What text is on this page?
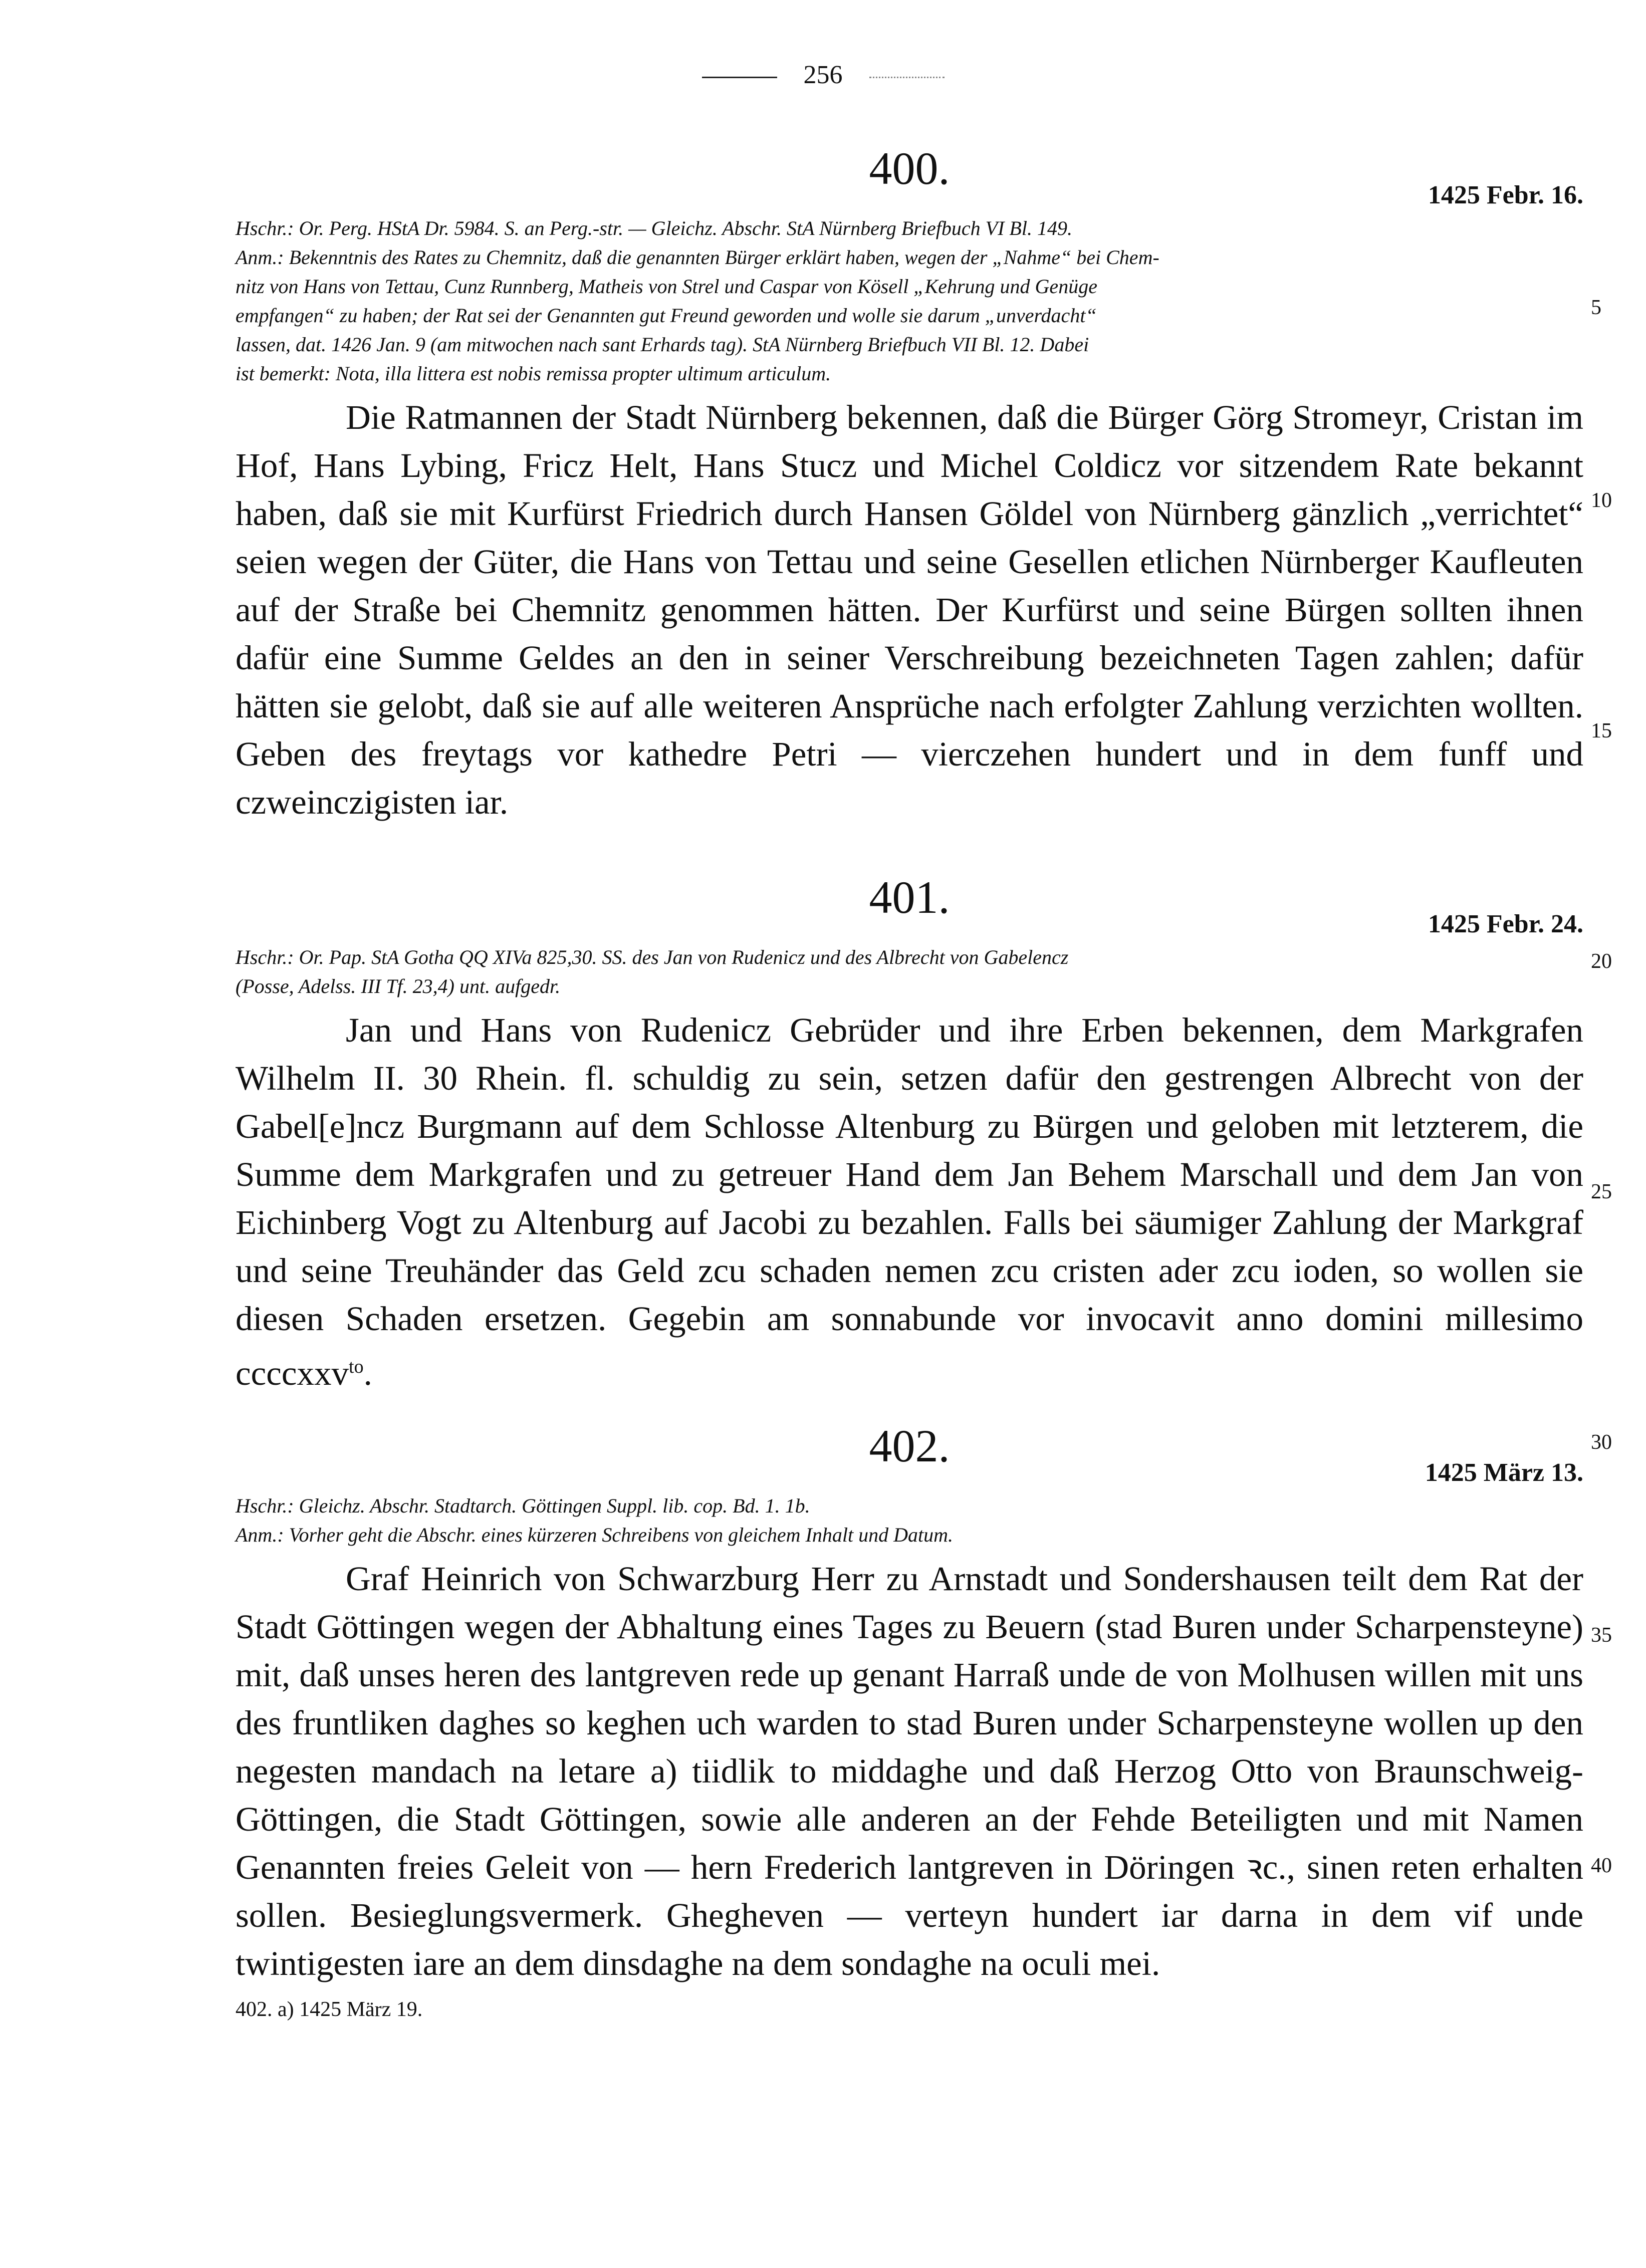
256
400.
1425 Febr. 16.
Hschr.: Or. Perg. HStA Dr. 5984. S. an Perg.-str. — Gleichz. Abschr. StA Nürnberg Briefbuch VI Bl. 149.
Anm.: Bekenntnis des Rates zu Chemnitz, daß die genannten Bürger erklärt haben, wegen der „Nahme“ bei Chem-
nitz von Hans von Tettau, Cunz Runnberg, Matheis von Strel und Caspar von Kösell „Kehrung und Genüge
empfangen“ zu haben; der Rat sei der Genannten gut Freund geworden und wolle sie darum „unverdacht“
lassen, dat. 1426 Jan. 9 (am mitwochen nach sant Erhards tag). StA Nürnberg Briefbuch VII Bl. 12. Dabei
ist bemerkt: Nota, illa littera est nobis remissa propter ultimum articulum.

Die Ratmannen der Stadt Nürnberg bekennen, daß die Bürger Görg Stromeyr, Cristan im Hof, Hans Lybing, Fricz Helt, Hans Stucz und Michel Coldicz vor sitzendem Rate bekannt haben, daß sie mit Kurfürst Friedrich durch Hansen Göldel von Nürnberg gänzlich „verrichtet“ seien wegen der Güter, die Hans von Tettau und seine Gesellen etlichen Nürnberger Kaufleuten auf der Straße bei Chemnitz genommen hätten. Der Kurfürst und seine Bürgen sollten ihnen dafür eine Summe Geldes an den in seiner Verschreibung bezeichneten Tagen zahlen; dafür hätten sie gelobt, daß sie auf alle weiteren Ansprüche nach erfolgter Zahlung verzichten wollten. Geben des freytags vor kathedre Petri — vierczehen hundert und in dem funff und czweinczigisten iar.

401.
1425 Febr. 24.
Hschr.: Or. Pap. StA Gotha QQ XIVa 825,30. SS. des Jan von Rudenicz und des Albrecht von Gabelencz
(Posse, Adelss. III Tf. 23,4) unt. aufgedr.

Jan und Hans von Rudenicz Gebrüder und ihre Erben bekennen, dem Markgrafen Wilhelm II. 30 Rhein. fl. schuldig zu sein, setzen dafür den gestrengen Albrecht von der Gabel[e]ncz Burgmann auf dem Schlosse Altenburg zu Bürgen und geloben mit letzterem, die Summe dem Markgrafen und zu getreuer Hand dem Jan Behem Marschall und dem Jan von Eichinberg Vogt zu Altenburg auf Jacobi zu bezahlen. Falls bei säumiger Zahlung der Markgraf und seine Treuhänder das Geld zcu schaden nemen zcu cristen ader zcu ioden, so wollen sie diesen Schaden ersetzen. Gegebin am sonnabunde vor invocavit anno domini millesimo ccccxxv$^{to}$.

402.
1425 März 13.
Hschr.: Gleichz. Abschr. Stadtarch. Göttingen Suppl. lib. cop. Bd. 1. 1b.
Anm.: Vorher geht die Abschr. eines kürzeren Schreibens von gleichem Inhalt und Datum.

Graf Heinrich von Schwarzburg Herr zu Arnstadt und Sondershausen teilt dem Rat der Stadt Göttingen wegen der Abhaltung eines Tages zu Beuern (stad Buren under Scharpensteyne) mit, daß unses heren des lantgreven rede up genant Harraß unde de von Molhusen willen mit uns des fruntliken daghes so keghen uch warden to stad Buren under Scharpensteyne wollen up den negesten mandach na letare a) tiidlik to middaghe und daß Herzog Otto von Braunschweig-Göttingen, die Stadt Göttingen, sowie alle anderen an der Fehde Beteiligten und mit Namen Genannten freies Geleit von — hern Frederich lantgreven in Döringen ꝛc., sinen reten erhalten sollen. Besieglungsvermerk. Ghegheven — verteyn hundert iar darna in dem vif unde twintigesten iare an dem dinsdaghe na dem sondaghe na oculi mei.

402. a) 1425 März 19.
5
10
15
20
25
30
35
40
